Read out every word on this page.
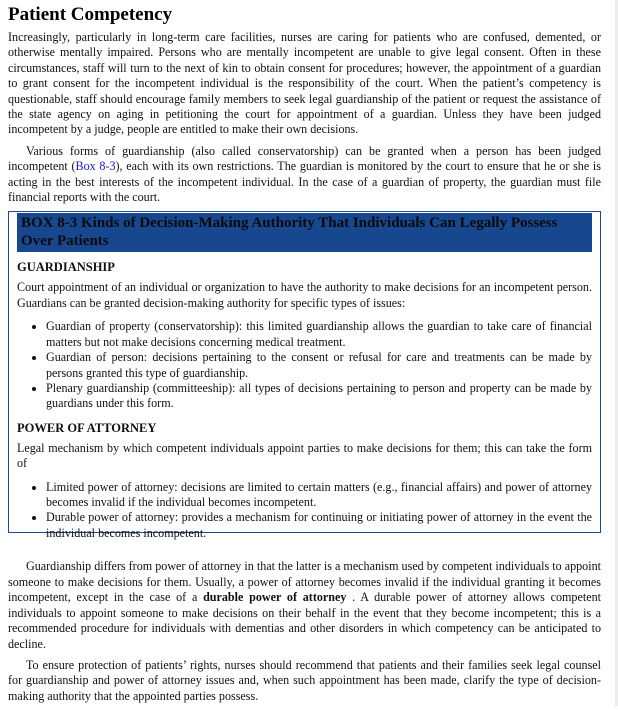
Patient Competency

Increasingly, particularly in long-term care facilities, nurses are caring for patients who are confused, demented, or otherwise mentally impaired. Persons who are mentally incompetent are unable to give legal consent. Often in these circumstances, staff will turn to the next of kin to obtain consent for procedures; however, the appointment of a guardian to grant consent for the incompetent individual is the responsibility of the court. When the patient’s competency is questionable, staff should encourage family members to seek legal guardianship of the patient or request the assistance of the state agency on aging in petitioning the court for appointment of a guardian. Unless they have been judged incompetent by a judge, people are entitled to make their own decisions.

Various forms of guardianship (also called conservatorship) can be granted when a person has been judged incompetent (Box 8-3), each with its own restrictions. The guardian is monitored by the court to ensure that he or she is acting in the best interests of the incompetent individual. In the case of a guardian of property, the guardian must file financial reports with the court.

BOX 8-3 Kinds of Decision-Making Authority That Individuals Can Legally Possess Over Patients
GUARDIANSHIP

Court appointment of an individual or organization to have the authority to make decisions for an incompetent person. Guardians can be granted decision-making authority for specific types of issues:

• Guardian of property (conservatorship): this limited guardianship allows the guardian to take care of financial matters but not make decisions concerning medical treatment.
• Guardian of person: decisions pertaining to the consent or refusal for care and treatments can be made by persons granted this type of guardianship.
• Plenary guardianship (committeeship): all types of decisions pertaining to person and property can be made by guardians under this form.
POWER OF ATTORNEY

Legal mechanism by which competent individuals appoint parties to make decisions for them; this can take the form of

• Limited power of attorney: decisions are limited to certain matters (e.g., financial affairs) and power of attorney becomes invalid if the individual becomes incompetent.
• Durable power of attorney: provides a mechanism for continuing or initiating power of attorney in the event the individual becomes incompetent.

Guardianship differs from power of attorney in that the latter is a mechanism used by competent individuals to appoint someone to make decisions for them. Usually, a power of attorney becomes invalid if the individual granting it becomes incompetent, except in the case of a durable power of attorney . A durable power of attorney allows competent individuals to appoint someone to make decisions on their behalf in the event that they become incompetent; this is a recommended procedure for individuals with dementias and other disorders in which competency can be anticipated to decline.

To ensure protection of patients’ rights, nurses should recommend that patients and their families seek legal counsel for guardianship and power of attorney issues and, when such appointment has been made, clarify the type of decision-making authority that the appointed parties possess.
